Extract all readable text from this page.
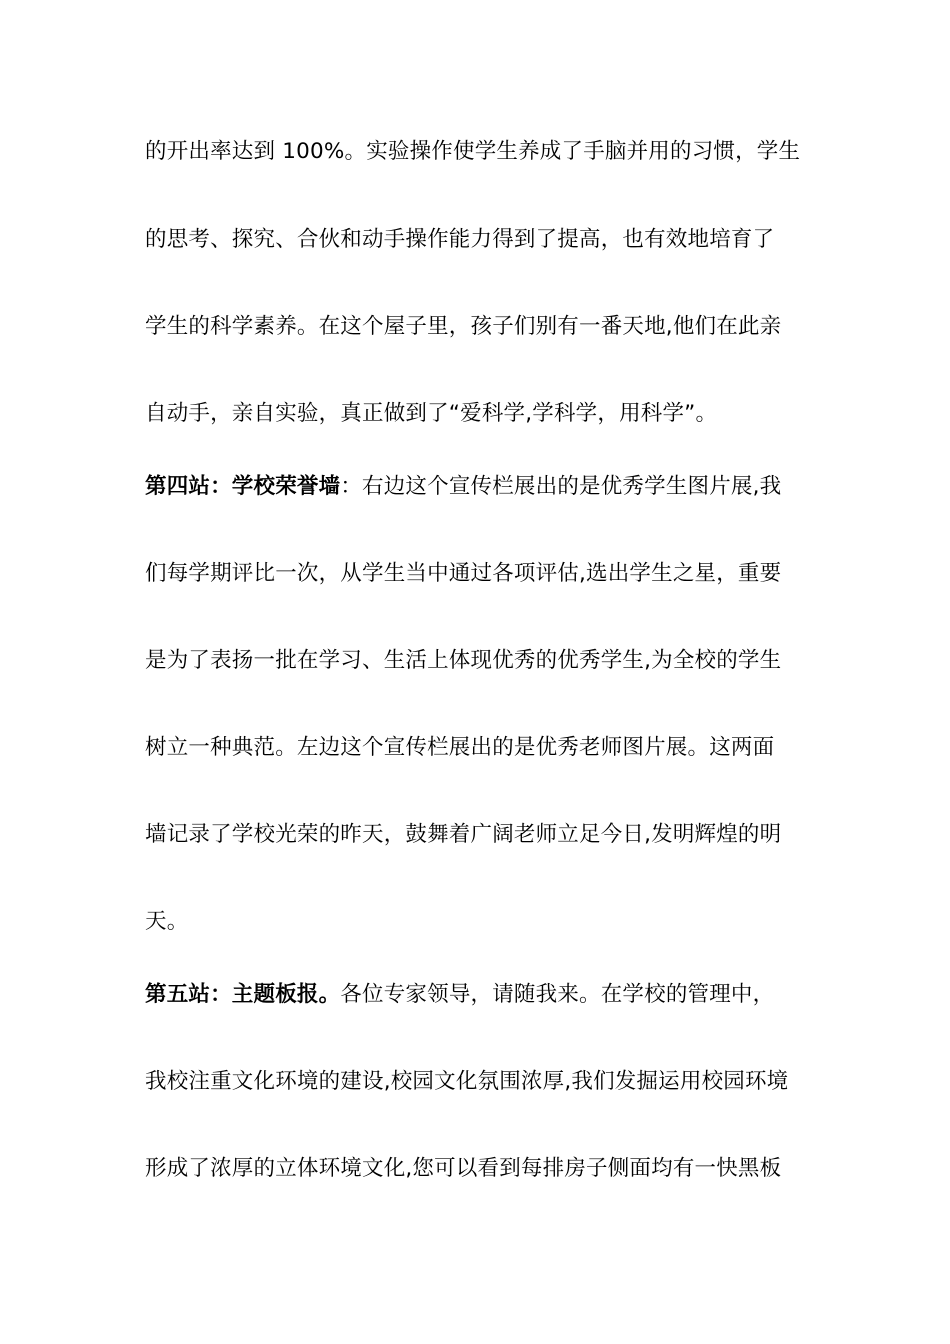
的开出率达到 100%。实验操作使学生养成了手脑并用的习惯，学生
的思考、探究、合伙和动手操作能力得到了提高，也有效地培育了
学生的科学素养。在这个屋子里，孩子们别有一番天地,他们在此亲
自动手，亲自实验，真正做到了“爱科学,学科学，用科学”。
第四站：学校荣誉墙：右边这个宣传栏展出的是优秀学生图片展,我
们每学期评比一次，从学生当中通过各项评估,选出学生之星，重要
是为了表扬一批在学习、生活上体现优秀的优秀学生,为全校的学生
树立一种典范。左边这个宣传栏展出的是优秀老师图片展。这两面
墙记录了学校光荣的昨天，鼓舞着广阔老师立足今日,发明辉煌的明
天。
第五站：主题板报。各位专家领导，请随我来。在学校的管理中，
我校注重文化环境的建设,校园文化氛围浓厚,我们发掘运用校园环境
形成了浓厚的立体环境文化,您可以看到每排房子侧面均有一快黑板
